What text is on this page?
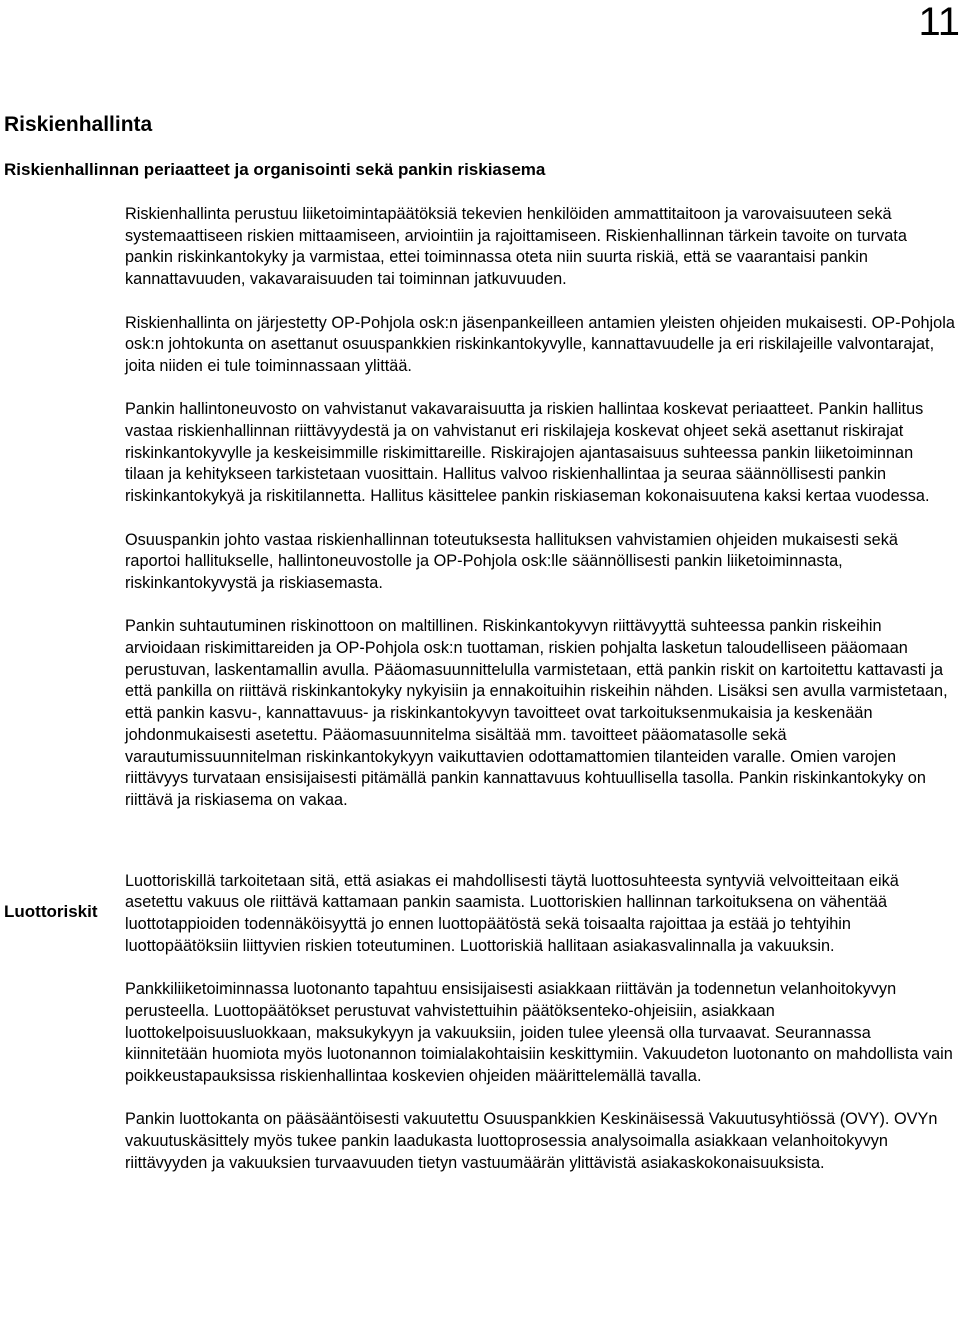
11
Riskienhallinta
Riskienhallinnan periaatteet ja organisointi sekä pankin riskiasema
Luottoriskit

Riskienhallinta perustuu liiketoimintapäätöksiä tekevien henkilöiden ammattitaitoon ja varovaisuuteen sekä systemaattiseen riskien mittaamiseen, arviointiin ja rajoittamiseen. Riskienhallinnan tärkein tavoite on turvata pankin riskinkantokyky ja varmistaa, ettei toiminnassa oteta niin suurta riskiä, että se vaarantaisi pankin kannattavuuden, vakavaraisuuden tai toiminnan jatkuvuuden.

Riskienhallinta on järjestetty OP-Pohjola osk:n jäsenpankeilleen antamien yleisten ohjeiden mukaisesti. OP-Pohjola osk:n johtokunta on asettanut osuuspankkien riskinkantokyvylle, kannattavuudelle ja eri riskilajeille valvontarajat, joita niiden ei tule toiminnassaan ylittää.

Pankin hallintoneuvosto on vahvistanut vakavaraisuutta ja riskien hallintaa koskevat periaatteet. Pankin hallitus vastaa riskienhallinnan riittävyydestä ja on vahvistanut eri riskilajeja koskevat ohjeet sekä asettanut riskirajat riskinkantokyvylle ja keskeisimmille riskimittareille. Riskirajojen ajantasaisuus suhteessa pankin liiketoiminnan tilaan ja kehitykseen tarkistetaan vuosittain. Hallitus valvoo riskienhallintaa ja seuraa säännöllisesti pankin riskinkantokykyä ja riskitilannetta. Hallitus käsittelee pankin riskiaseman kokonaisuutena kaksi kertaa vuodessa.

Osuuspankin johto vastaa riskienhallinnan toteutuksesta hallituksen vahvistamien ohjeiden mukaisesti sekä raportoi hallitukselle, hallintoneuvostolle ja OP-Pohjola osk:lle säännöllisesti pankin liiketoiminnasta, riskinkantokyvystä ja riskiasemasta.

Pankin suhtautuminen riskinottoon on maltillinen. Riskinkantokyvyn riittävyyttä suhteessa pankin riskeihin arvioidaan riskimittareiden ja OP-Pohjola osk:n tuottaman, riskien pohjalta lasketun taloudelliseen pääomaan perustuvan, laskentamallin avulla. Pääomasuunnittelulla varmistetaan, että pankin riskit on kartoitettu kattavasti ja että pankilla on riittävä riskinkantokyky nykyisiin ja ennakoituihin riskeihin nähden. Lisäksi sen avulla varmistetaan, että pankin kasvu-, kannattavuus- ja riskinkantokyvyn tavoitteet ovat tarkoituksenmukaisia ja keskenään johdonmukaisesti asetettu. Pääomasuunnitelma sisältää mm. tavoitteet pääomatasolle sekä varautumissuunnitelman riskinkantokykyyn vaikuttavien odottamattomien tilanteiden varalle. Omien varojen riittävyys turvataan ensisijaisesti pitämällä pankin kannattavuus kohtuullisella tasolla. Pankin riskinkantokyky on riittävä ja riskiasema on vakaa.

Luottoriskillä tarkoitetaan sitä, että asiakas ei mahdollisesti täytä luottosuhteesta syntyviä velvoitteitaan eikä asetettu vakuus ole riittävä kattamaan pankin saamista. Luottoriskien hallinnan tarkoituksena on vähentää luottotappioiden todennäköisyyttä jo ennen luottopäätöstä sekä toisaalta rajoittaa ja estää jo tehtyihin luottopäätöksiin liittyvien riskien toteutuminen. Luottoriskiä hallitaan asiakasvalinnalla ja vakuuksin.

Pankkiliiketoiminnassa luotonanto tapahtuu ensisijaisesti asiakkaan riittävän ja todennetun velanhoitokyvyn perusteella. Luottopäätökset perustuvat vahvistettuihin päätöksenteko-ohjeisiin, asiakkaan luottokelpoisuusluokkaan, maksukykyyn ja vakuuksiin, joiden tulee yleensä olla turvaavat. Seurannassa kiinnitetään huomiota myös luotonannon toimialakohtaisiin keskittymiin. Vakuudeton luotonanto on mahdollista vain poikkeustapauksissa riskienhallintaa koskevien ohjeiden määrittelemällä tavalla.

Pankin luottokanta on pääsääntöisesti vakuutettu Osuuspankkien Keskinäisessä Vakuutusyhtiössä (OVY). OVYn vakuutuskäsittely myös tukee pankin laadukasta luottoprosessia analysoimalla asiakkaan velanhoitokyvyn riittävyyden ja vakuuksien turvaavuuden tietyn vastuumäärän ylittävistä asiakaskokonaisuuksista.
